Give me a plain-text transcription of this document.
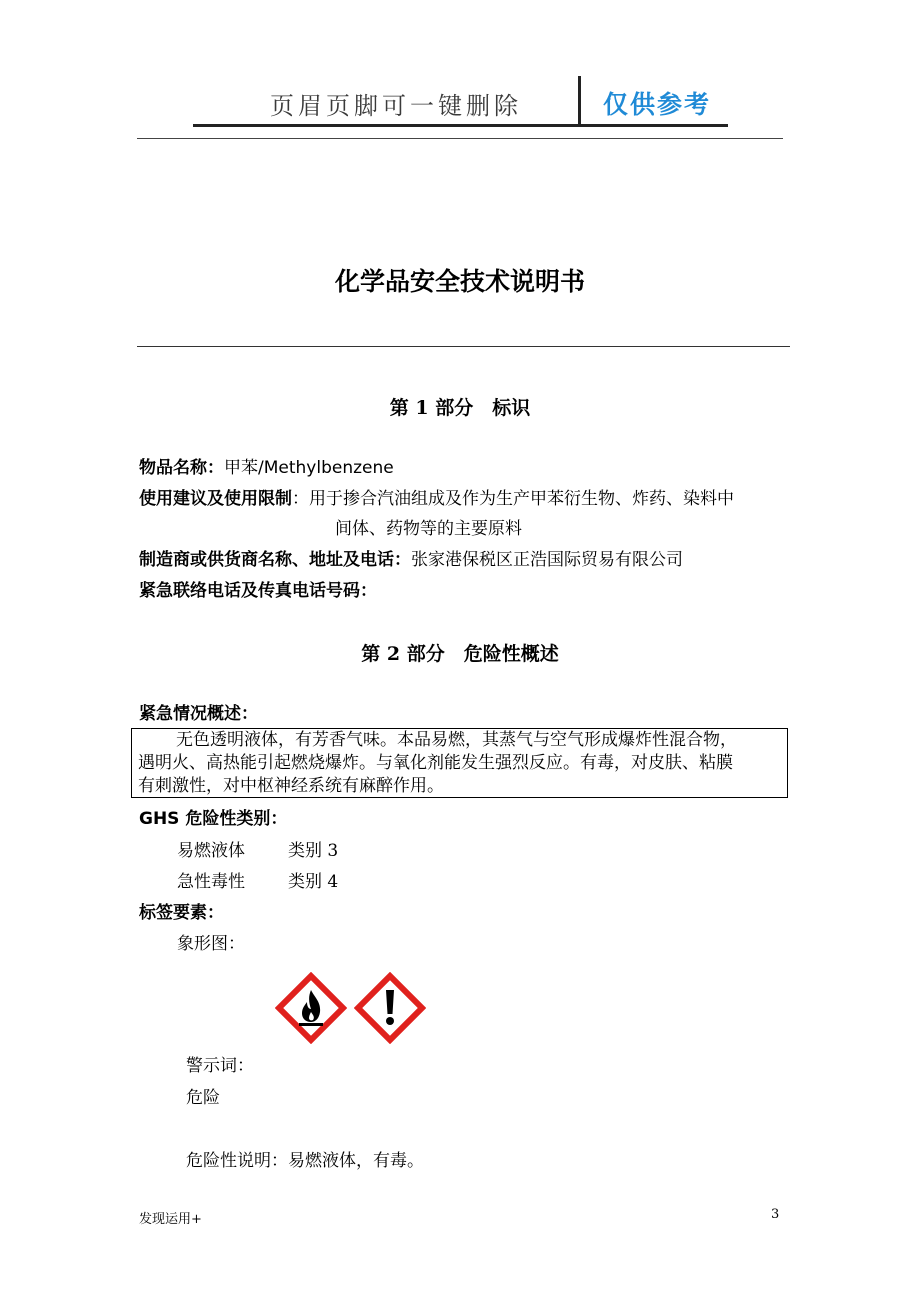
页眉页脚可一键删除	仅供参考
化学品安全技术说明书
第 1 部分　标识
物品名称：甲苯/Methylbenzene
使用建议及使用限制：用于掺合汽油组成及作为生产甲苯衍生物、炸药、染料中
间体、药物等的主要原料
制造商或供货商名称、地址及电话：张家港保税区正浩国际贸易有限公司
紧急联络电话及传真电话号码：
第 2 部分　危险性概述
紧急情况概述：
无色透明液体，有芳香气味。本品易燃，其蒸气与空气形成爆炸性混合物，
遇明火、高热能引起燃烧爆炸。与氧化剂能发生强烈反应。有毒，对皮肤、粘膜
有刺激性，对中枢神经系统有麻醉作用。
GHS 危险性类别：
易燃液体	类别 3
急性毒性	类别 4
标签要素：
象形图：
警示词：
危险
危险性说明：易燃液体，有毒。
发现运用+	3
